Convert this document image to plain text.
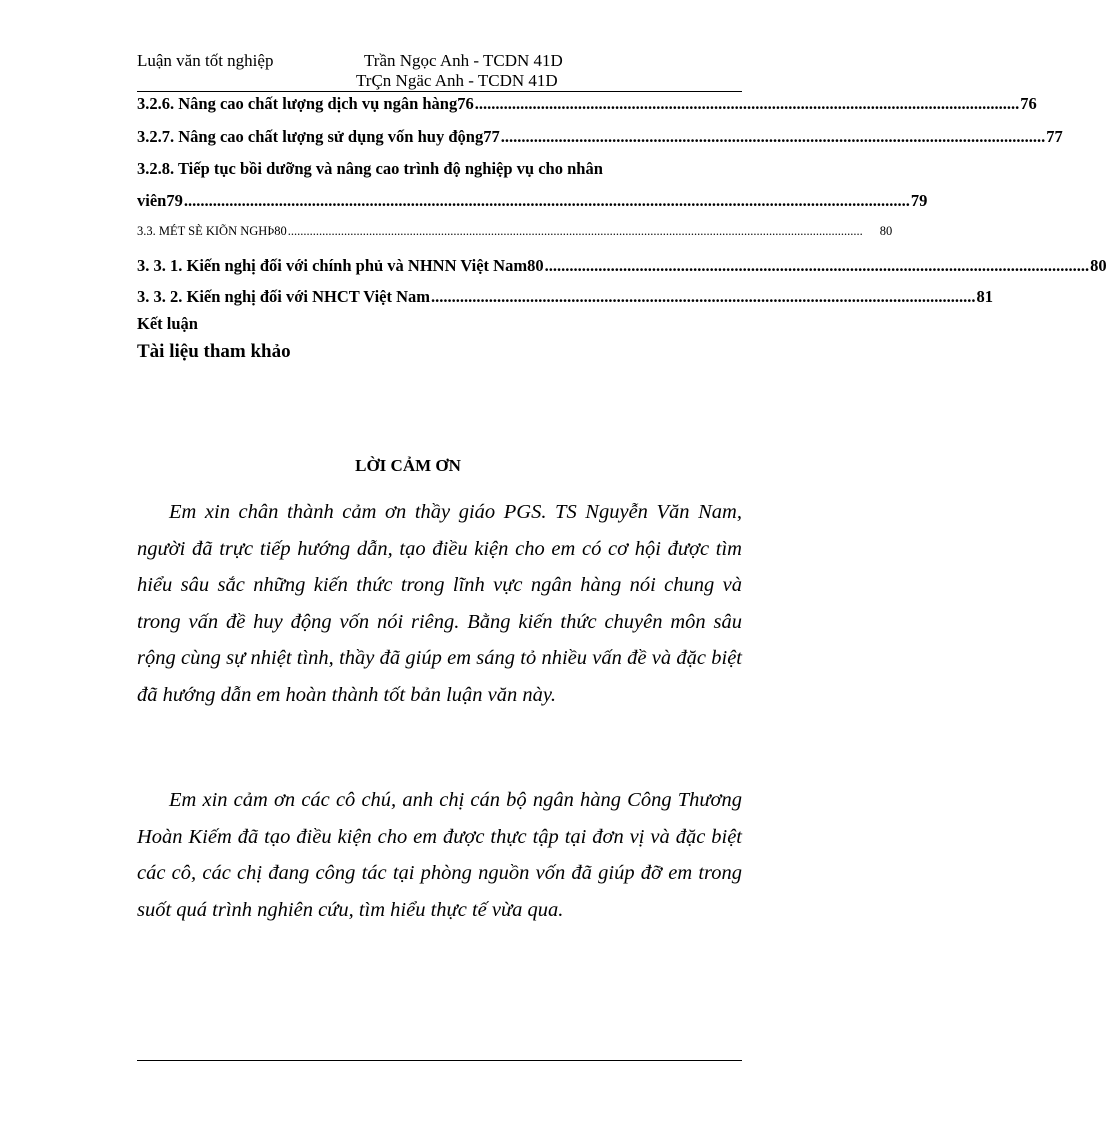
Luận văn tốt nghiệp	Trần Ngọc Anh - TCDN 41D
TrÇn Ngäc Anh - TCDN 41D
3.2.6. Nâng cao chất lượng dịch vụ ngân hàng76 .................................................................................................................................... 76
3.2.7. Nâng cao chất lượng sử dụng vốn huy động77 .................................................................................................................................... 77
3.2.8. Tiếp tục bồi dưỡng và nâng cao trình độ nghiệp vụ cho nhân
viên79 ................................................................................................................................................................................ 79
3.3. MÉT SÈ KIÕN NGHÞ80 ........................................................................................................................................................................................ 80
3. 3. 1. Kiến nghị đối với chính phủ và NHNN Việt Nam80 .................................................................................................................................... 80
3. 3. 2. Kiến nghị đối với NHCT Việt Nam .................................................................................................................................... 81
Kết luận
Tài liệu tham khảo
LỜI CẢM ƠN
Em xin chân thành cảm ơn thầy giáo PGS. TS Nguyễn Văn Nam, người đã trực tiếp hướng dẫn, tạo điều kiện cho em có cơ hội được tìm hiểu sâu sắc những kiến thức trong lĩnh vực ngân hàng nói chung và trong vấn đề huy động vốn nói riêng. Bằng kiến thức chuyên môn sâu rộng cùng sự nhiệt tình, thầy đã giúp em sáng tỏ nhiều vấn đề và đặc biệt đã hướng dẫn em hoàn thành tốt bản luận văn này.
Em xin cảm ơn các cô chú, anh chị cán bộ ngân hàng Công Thương Hoàn Kiếm đã tạo điều kiện cho em được thực tập tại đơn vị và đặc biệt các cô, các chị đang công tác tại phòng nguồn vốn đã giúp đỡ em trong suốt quá trình nghiên cứu, tìm hiểu thực tế vừa qua.
